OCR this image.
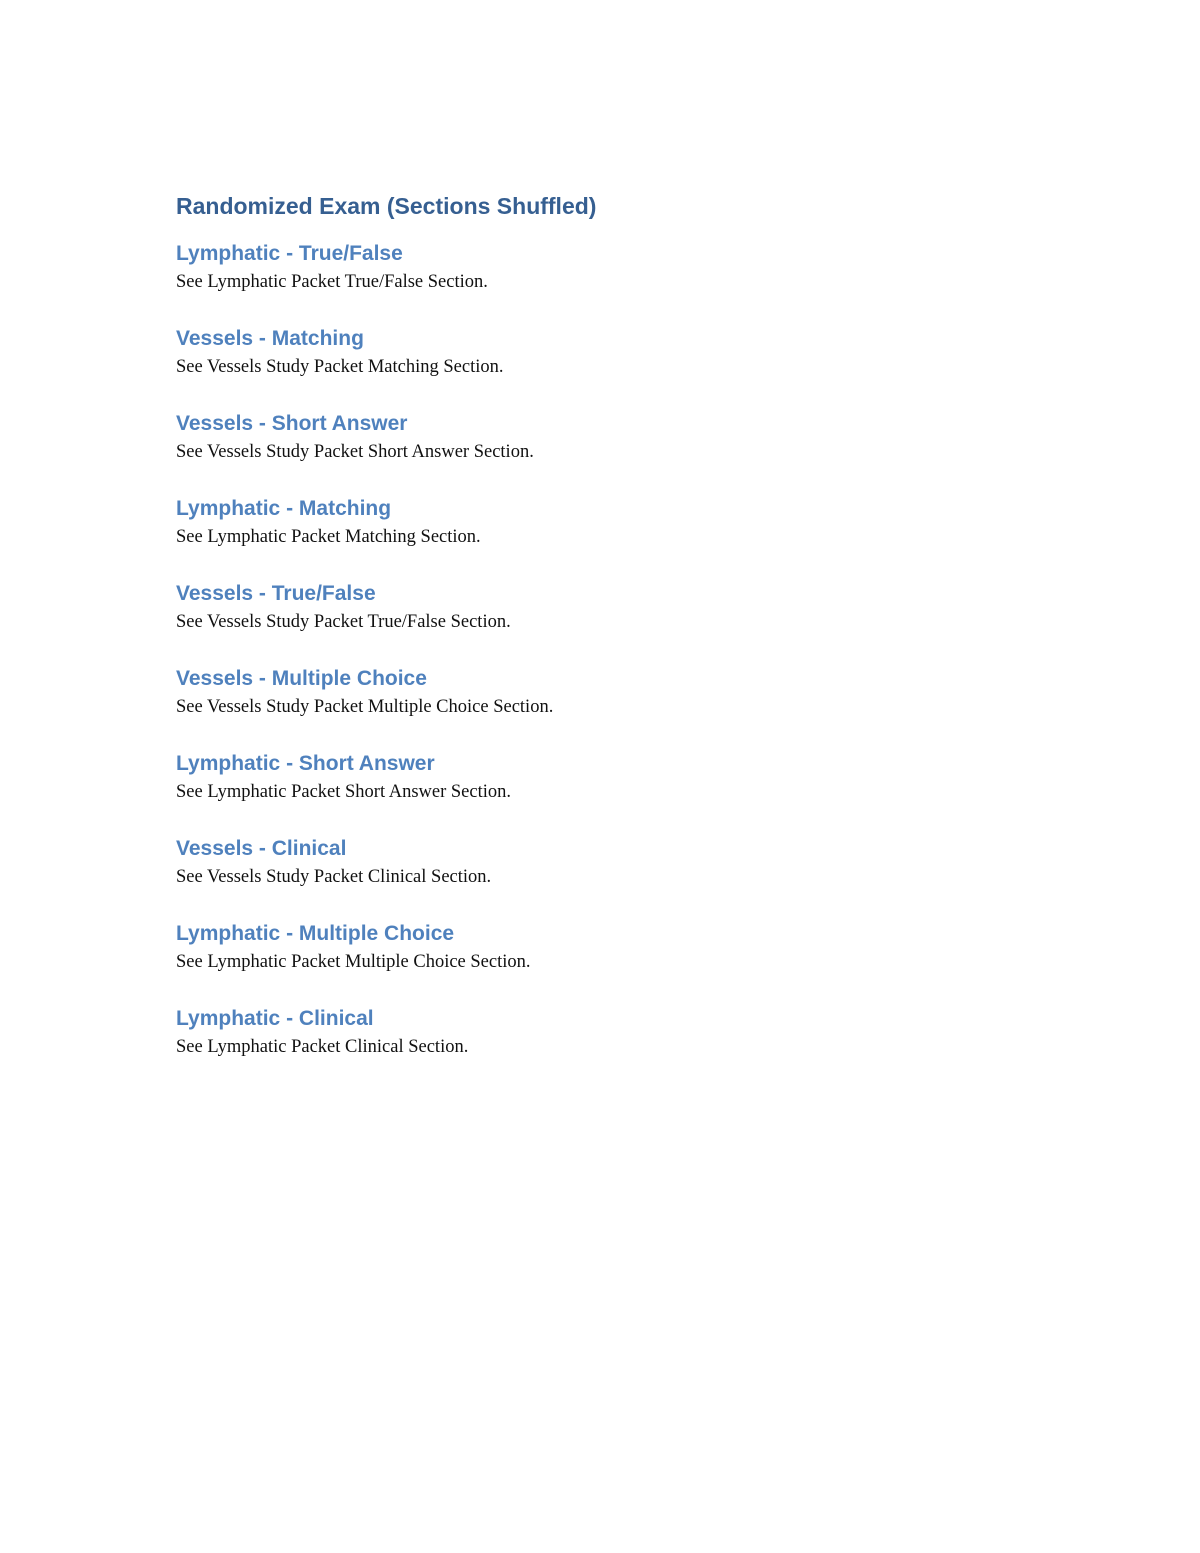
Randomized Exam (Sections Shuffled)
Lymphatic - True/False

See Lymphatic Packet True/False Section.

Vessels - Matching

See Vessels Study Packet Matching Section.

Vessels - Short Answer

See Vessels Study Packet Short Answer Section.

Lymphatic - Matching

See Lymphatic Packet Matching Section.

Vessels - True/False

See Vessels Study Packet True/False Section.

Vessels - Multiple Choice

See Vessels Study Packet Multiple Choice Section.

Lymphatic - Short Answer

See Lymphatic Packet Short Answer Section.

Vessels - Clinical

See Vessels Study Packet Clinical Section.

Lymphatic - Multiple Choice

See Lymphatic Packet Multiple Choice Section.

Lymphatic - Clinical

See Lymphatic Packet Clinical Section.
